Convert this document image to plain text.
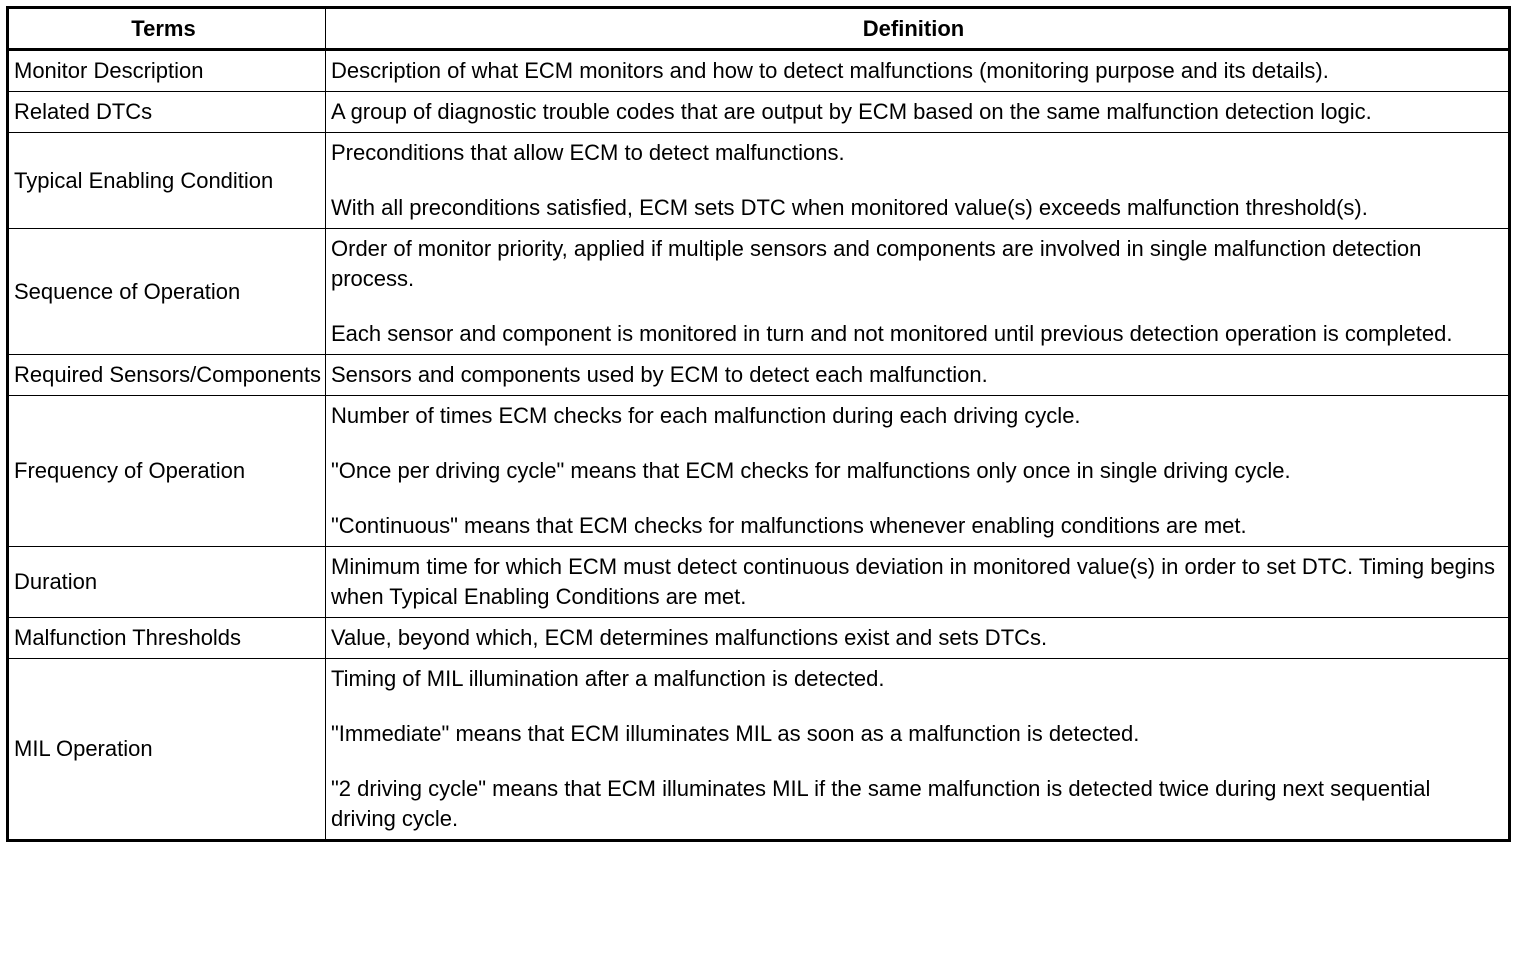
Terms	Definition
Monitor Description	Description of what ECM monitors and how to detect malfunctions (monitoring purpose and its details).

Related DTCs	A group of diagnostic trouble codes that are output by ECM based on the same malfunction detection logic.

Typical Enabling Condition	Preconditions that allow ECM to detect malfunctions.

With all preconditions satisfied, ECM sets DTC when monitored value(s) exceeds malfunction threshold(s).

Sequence of Operation	Order of monitor priority, applied if multiple sensors and components are involved in single malfunction detection process.

Each sensor and component is monitored in turn and not monitored until previous detection operation is completed.

Required Sensors/Components	Sensors and components used by ECM to detect each malfunction.

Frequency of Operation	Number of times ECM checks for each malfunction during each driving cycle.

"Once per driving cycle" means that ECM checks for malfunctions only once in single driving cycle.

"Continuous" means that ECM checks for malfunctions whenever enabling conditions are met.

Duration	Minimum time for which ECM must detect continuous deviation in monitored value(s) in order to set DTC. Timing begins when Typical Enabling Conditions are met.

Malfunction Thresholds	Value, beyond which, ECM determines malfunctions exist and sets DTCs.

MIL Operation	Timing of MIL illumination after a malfunction is detected.

"Immediate" means that ECM illuminates MIL as soon as a malfunction is detected.

"2 driving cycle" means that ECM illuminates MIL if the same malfunction is detected twice during next sequential driving cycle.
